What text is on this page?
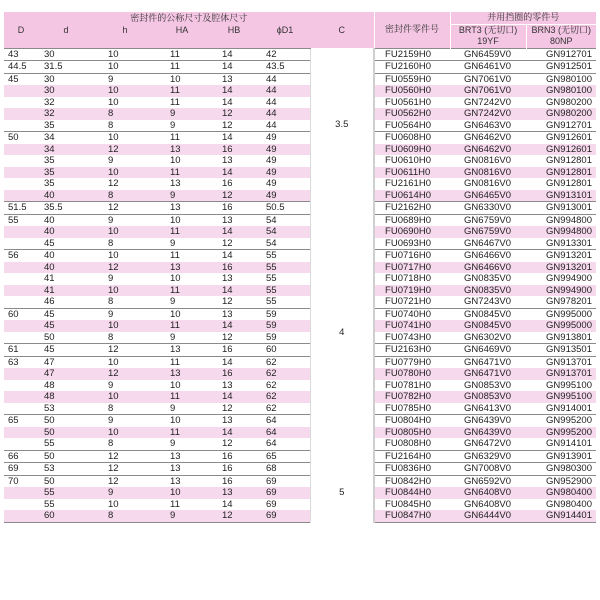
密封件的公称尺寸及腔体尺寸							密封件零件号	并用挡圈的零件号	
D	d	h	HA	HB	ϕD1	C		BRT3 (无切口)	BRN3 (无切口)
								19YF	80NP
43	30	10	11	14	42	3.5	FU2159H0	GN6459V0	GN912701
44.5	31.5	10	11	14	43.5		FU2160H0	GN6461V0	GN912501
45	30	9	10	13	44		FU0559H0	GN7061V0	GN980100
	30	10	11	14	44		FU0560H0	GN7061V0	GN980100
	32	10	11	14	44		FU0561H0	GN7242V0	GN980200
	32	8	9	12	44		FU0562H0	GN7242V0	GN980200
	35	8	9	12	44		FU0564H0	GN6463V0	GN912701
50	34	10	11	14	49		FU0608H0	GN6462V0	GN912601
	34	12	13	16	49		FU0609H0	GN6462V0	GN912601
	35	9	10	13	49		FU0610H0	GN0816V0	GN912801
	35	10	11	14	49		FU0611H0	GN0816V0	GN912801
	35	12	13	16	49		FU2161H0	GN0816V0	GN912801
	40	8	9	12	49		FU0614H0	GN6465V0	GN913101
51.5	35.5	12	13	16	50.5	4	FU2162H0	GN6330V0	GN913001
55	40	9	10	13	54		FU0689H0	GN6759V0	GN994800
	40	10	11	14	54		FU0690H0	GN6759V0	GN994800
	45	8	9	12	54		FU0693H0	GN6467V0	GN913301
56	40	10	11	14	55		FU0716H0	GN6466V0	GN913201
	40	12	13	16	55		FU0717H0	GN6466V0	GN913201
	41	9	10	13	55		FU0718H0	GN0835V0	GN994900
	41	10	11	14	55		FU0719H0	GN0835V0	GN994900
	46	8	9	12	55		FU0721H0	GN7243V0	GN978201
60	45	9	10	13	59		FU0740H0	GN0845V0	GN995000
	45	10	11	14	59		FU0741H0	GN0845V0	GN995000
	50	8	9	12	59		FU0743H0	GN6302V0	GN913801
61	45	12	13	16	60		FU2163H0	GN6469V0	GN913501
63	47	10	11	14	62		FU0779H0	GN6471V0	GN913701
	47	12	13	16	62		FU0780H0	GN6471V0	GN913701
	48	9	10	13	62		FU0781H0	GN0853V0	GN995100
	48	10	11	14	62		FU0782H0	GN0853V0	GN995100
	53	8	9	12	62		FU0785H0	GN6413V0	GN914001
65	50	9	10	13	64		FU0804H0	GN6439V0	GN995200
	50	10	11	14	64		FU0805H0	GN6439V0	GN995200
	55	8	9	12	64		FU0808H0	GN6472V0	GN914101
66	50	12	13	16	65		FU2164H0	GN6329V0	GN913901
69	53	12	13	16	68	5	FU0836H0	GN7008V0	GN980300
70	50	12	13	16	69		FU0842H0	GN6592V0	GN952900
	55	9	10	13	69		FU0844H0	GN6408V0	GN980400
	55	10	11	14	69		FU0845H0	GN6408V0	GN980400
	60	8	9	12	69		FU0847H0	GN6444V0	GN914401
